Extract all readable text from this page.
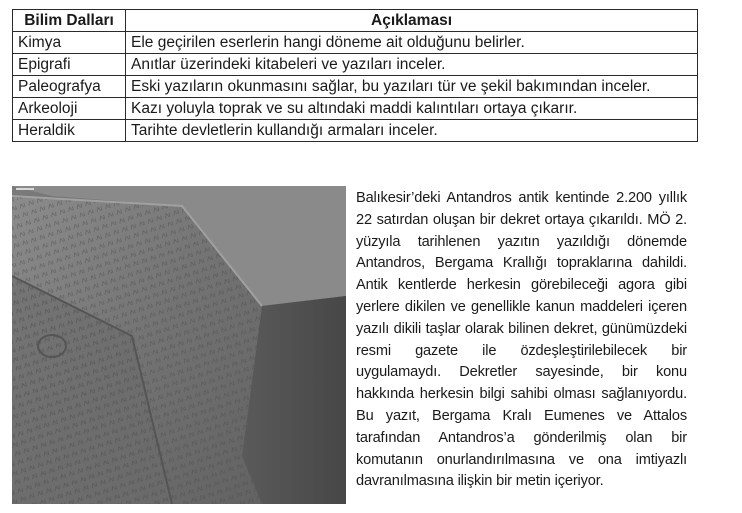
Bilim Dalları	Açıklaması
Kimya	Ele geçirilen eserlerin hangi döneme ait olduğunu belirler.
Epigrafi	Anıtlar üzerindeki kitabeleri ve yazıları inceler.
Paleografya	Eski yazıların okunmasını sağlar, bu yazıları tür ve şekil bakımından inceler.
Arkeoloji	Kazı yoluyla toprak ve su altındaki maddi kalıntıları ortaya çıkarır.
Heraldik	Tarihte devletlerin kullandığı armaları inceler.
Balıkesir’deki Antandros antik kentinde 2.200 yıllık 22 satırdan oluşan bir dekret ortaya çıkarıldı. MÖ 2. yüzyıla tarihlenen yazıtın yazıldığı dönemde Antandros, Bergama Krallığı topraklarına dahildi. Antik kentlerde herkesin görebileceği agora gibi yerlere dikilen ve genellikle kanun maddeleri içeren yazılı dikili taşlar olarak bilinen dekret, günümüzdeki resmi gazete ile özdeşleştirilebilecek bir uygulamaydı. Dekretler sayesinde, bir konu hakkında herkesin bilgi sahibi olması sağlanıyordu. Bu yazıt, Bergama Kralı Eumenes ve Attalos tarafından Antandros’a gönderilmiş olan bir komutanın onurlandırılmasına ve ona imtiyazlı davranılmasına ilişkin bir metin içeriyor.
